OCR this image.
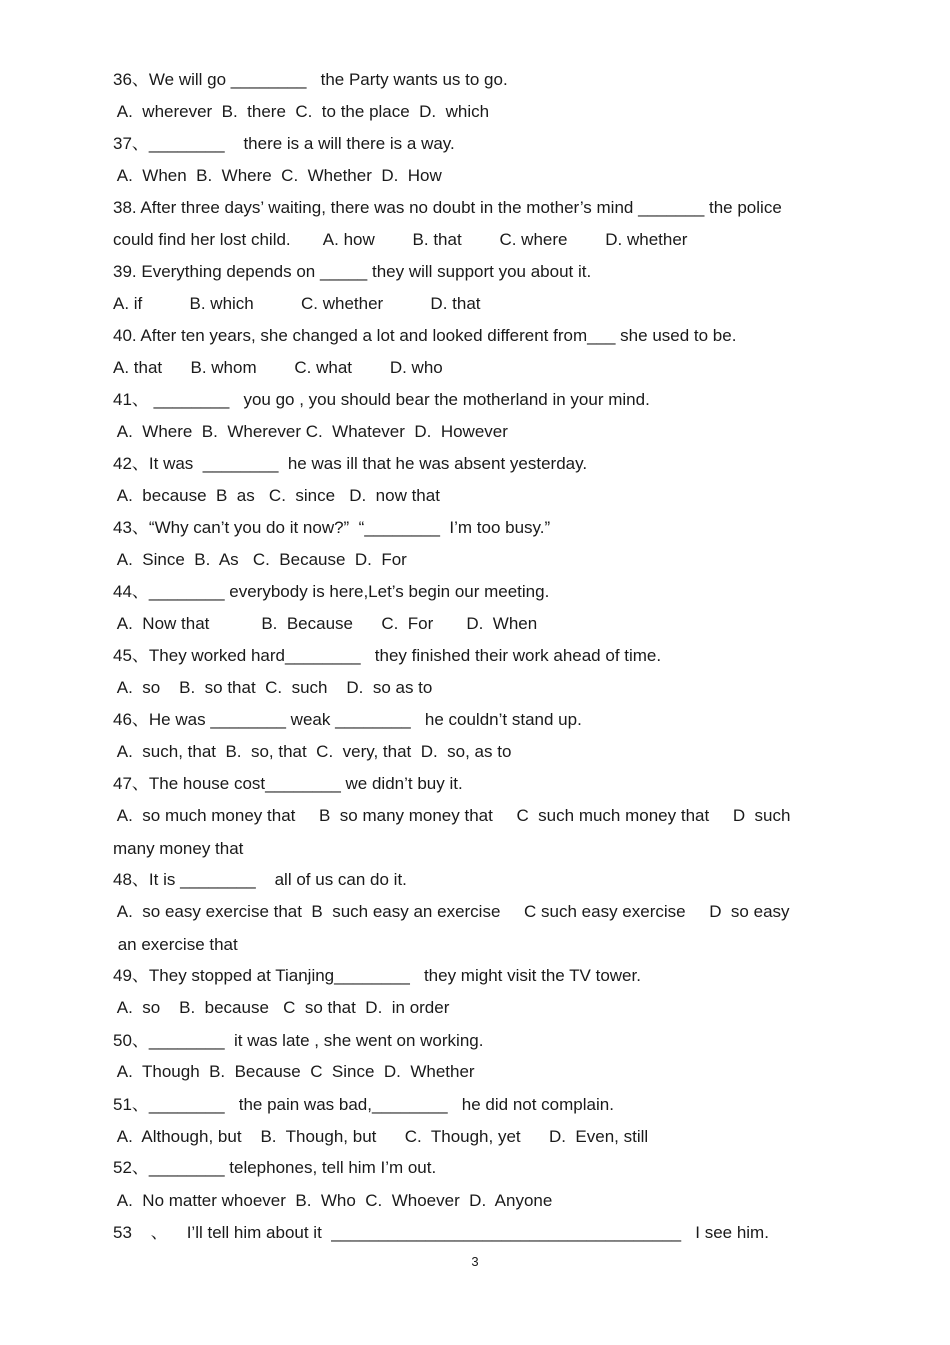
36、We will go ________   the Party wants us to go.
A.  wherever  B.  there  C.  to the place  D.  which
37、________    there is a will there is a way.
A.  When  B.  Where  C.  Whether  D.  How
38. After three days’ waiting, there was no doubt in the mother’s mind _______ the police
could find her lost child.       A. how        B. that        C. where        D. whether
39. Everything depends on _____ they will support you about it.
A. if          B. which          C. whether          D. that
40. After ten years, she changed a lot and looked different from___ she used to be.
A. that      B. whom        C. what        D. who
41、 ________   you go , you should bear the motherland in your mind.
A.  Where  B.  Wherever C.  Whatever  D.  However
42、It was  ________  he was ill that he was absent yesterday.
A.  because  B  as   C.  since   D.  now that
43、“Why can’t you do it now?”  “________  I’m too busy.”
A.  Since  B.  As   C.  Because  D.  For
44、________ everybody is here,Let’s begin our meeting.
A.  Now that           B.  Because      C.  For       D.  When
45、They worked hard________   they finished their work ahead of time.
A.  so    B.  so that  C.  such    D.  so as to
46、He was ________ weak ________   he couldn’t stand up.
A.  such, that  B.  so, that  C.  very, that  D.  so, as to
47、The house cost________ we didn’t buy it.
A.  so much money that     B  so many money that     C  such much money that     D  such
many money that
48、It is ________    all of us can do it.
A.  so easy exercise that  B  such easy an exercise     C such easy exercise     D  so easy
an exercise that
49、They stopped at Tianjing________   they might visit the TV tower.
A.  so    B.  because   C  so that  D.  in order
50、________  it was late , she went on working.
A.  Though  B.  Because  C  Since  D.  Whether
51、________   the pain was bad,________   he did not complain.
A.  Although, but    B.  Though, but      C.  Though, yet      D.  Even, still
52、________ telephones, tell him I’m out.
A.  No matter whoever  B.  Who  C.  Whoever  D.  Anyone
53    、    I’ll tell him about it  _____________________________________   I see him.
3
